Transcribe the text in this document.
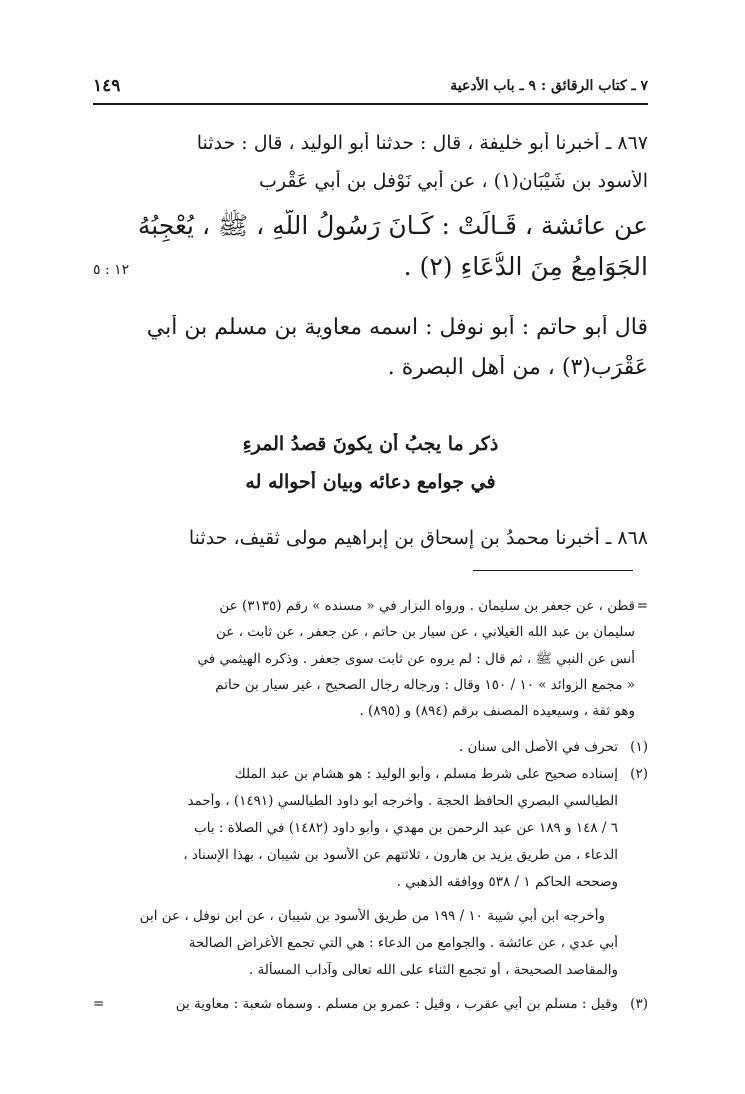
٧ ـ كتاب الرقائق : ٩ ـ باب الأدعية
١٤٩
٨٦٧ ـ أخبرنا أبو خليفة ، قال : حدثنا أبو الوليد ، قال : حدثنا
الأسود بن شَيْبَان(١) ، عن أبي نَوْفل بن أبي عَقْرب
عن عائشة ، قَـالَتْ : كَـانَ رَسُولُ اللَّهِ ، ﷺ ، يُعْجِبُهُ
الجَوَامِعُ مِنَ الدُّعَاءِ (٢) .
١٢ : ٥
قال أبو حاتم : أبو نوفل : اسمه معاوية بن مسلم بن أبي
عَقْرَب(٣) ، من أهل البصرة .
ذكر ما يجبُ أن يكونَ قصدُ المرءِ
في جوامع دعائه وبيان أحواله له
٨٦٨ ـ أخبرنا محمدُ بن إسحاق بن إبراهيم مولى ثقيف، حدثنا
=
قطن ، عن جعفر بن سليمان . ورواه البزار في « مسنده » رقم (٣١٣٥) عن
سليمان بن عبد الله الغيلاني ، عن سيار بن حاتم ، عن جعفر ، عن ثابت ، عن
أنس عن النبي ﷺ ، ثم قال : لم يروه عن ثابت سوى جعفر . وذكره الهيثمي في
« مجمع الزوائد » ١٠ / ١٥٠ وقال : ورجاله رجال الصحيح ، غير سيار بن حاتم
وهو ثقة ، وسيعيده المصنف برقم (٨٩٤) و (٨٩٥) .
(١)
تحرف في الأصل الى سنان .
(٢)
إسناده صحيح على شرط مسلم ، وأبو الوليد : هو هشام بن عبد الملك
الطيالسي البصري الحافظ الحجة . وأخرجه أبو داود الطيالسي (١٤٩١) ، وأحمد
٦ / ١٤٨ و ١٨٩ عن عبد الرحمن بن مهدي ، وأبو داود (١٤٨٢) في الصلاة : باب
الدعاء ، من طريق يزيد بن هارون ، ثلاثتهم عن الأسود بن شيبان ، بهذا الإسناد ،
وصححه الحاكم ١ / ٥٣٨ ووافقه الذهبي .
وأخرجه ابن أبي شيبة ١٠ / ١٩٩ من طريق الأسود بن شيبان ، عن ابن نوفل ، عن ابن
أبي عدي ، عن عائشة . والجوامع من الدعاء : هي التي تجمع الأغراض الصالحة
والمقاصد الصحيحة ، أو تجمع الثناء على الله تعالى وآداب المسألة .
(٣)
وقيل : مسلم بن أبي عقرب ، وقيل : عمرو بن مسلم . وسماه شعبة : معاوية بن
=
